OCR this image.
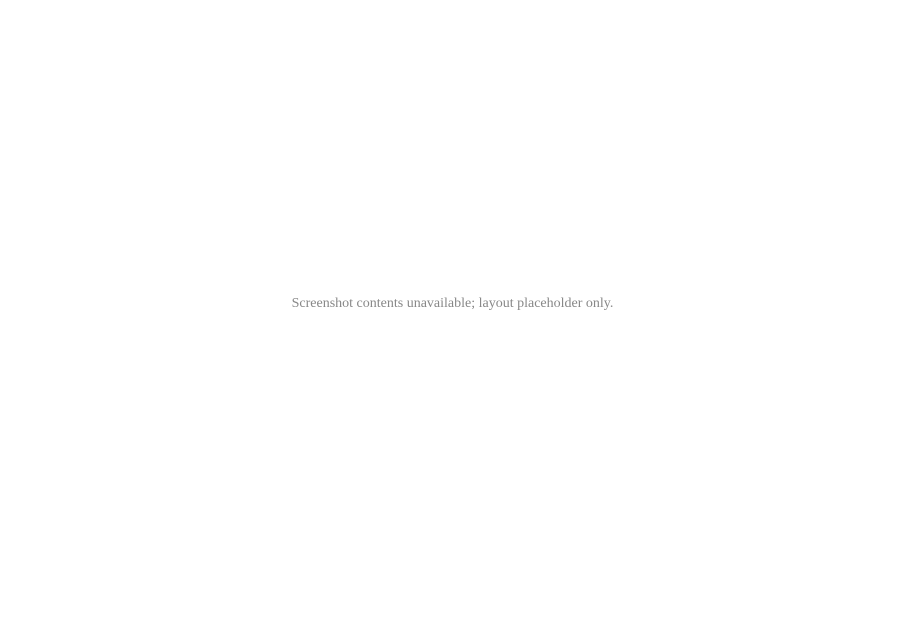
Screenshot contents unavailable; layout placeholder only.
